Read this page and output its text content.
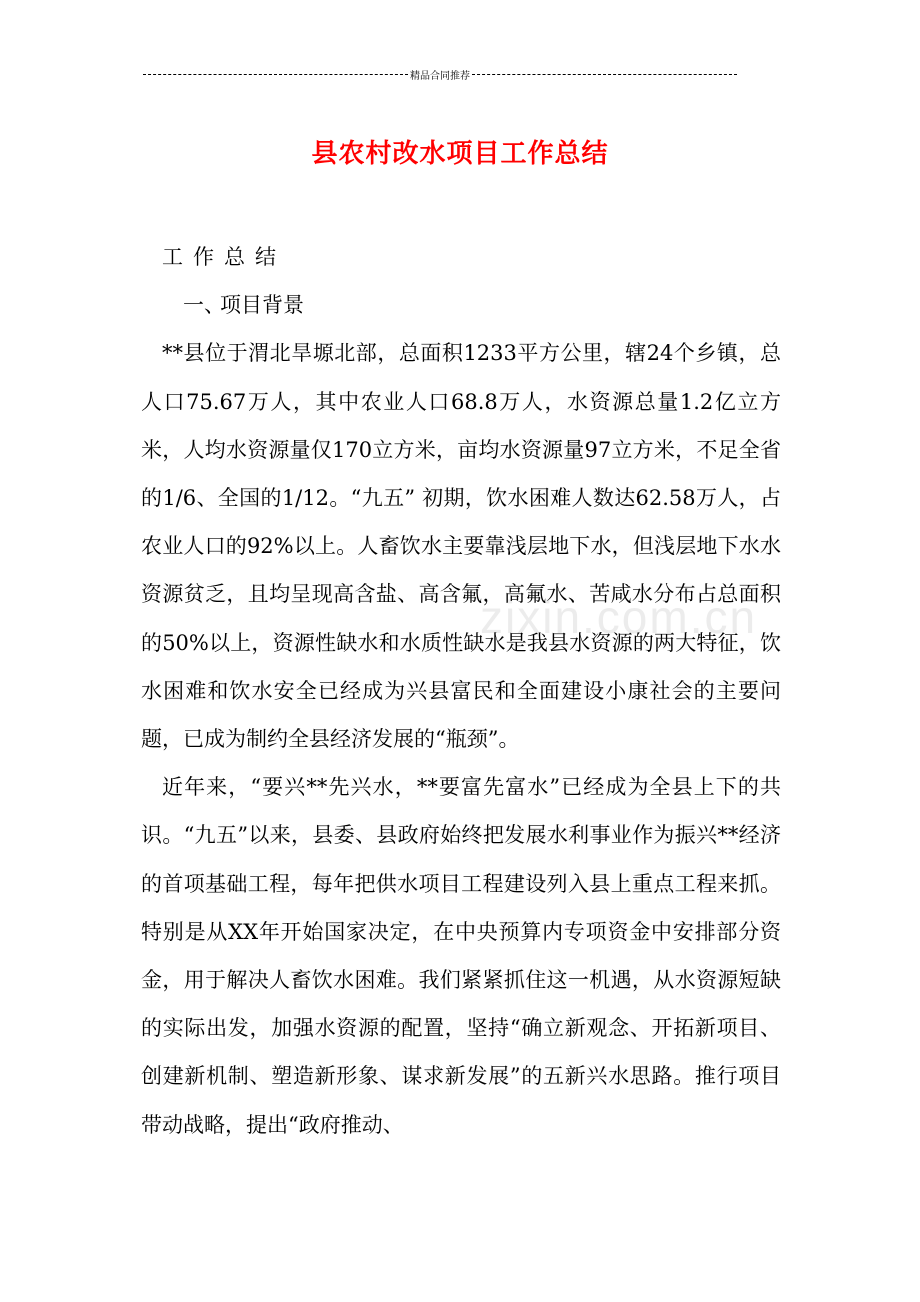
精品合同推荐
县农村改水项目工作总结
zixin.com.cn

工作总结

一、项目背景

**县位于渭北旱塬北部，总面积1233平方公里，辖24个乡镇，总人口75.67万人，其中农业人口68.8万人，水资源总量1.2亿立方米，人均水资源量仅170立方米，亩均水资源量97立方米，不足全省的1/6、全国的1/12。“九五” 初期，饮水困难人数达62.58万人，占农业人口的92%以上。人畜饮水主要靠浅层地下水，但浅层地下水水资源贫乏，且均呈现高含盐、高含氟，高氟水、苦咸水分布占总面积的50%以上，资源性缺水和水质性缺水是我县水资源的两大特征，饮水困难和饮水安全已经成为兴县富民和全面建设小康社会的主要问题，已成为制约全县经济发展的“瓶颈”。

近年来，“要兴**先兴水，**要富先富水”已经成为全县上下的共识。“九五”以来，县委、县政府始终把发展水利事业作为振兴**经济的首项基础工程，每年把供水项目工程建设列入县上重点工程来抓。特别是从XX年开始国家决定，在中央预算内专项资金中安排部分资金，用于解决人畜饮水困难。我们紧紧抓住这一机遇，从水资源短缺的实际出发，加强水资源的配置，坚持“确立新观念、开拓新项目、创建新机制、塑造新形象、谋求新发展”的五新兴水思路。推行项目带动战略，提出“政府推动、
